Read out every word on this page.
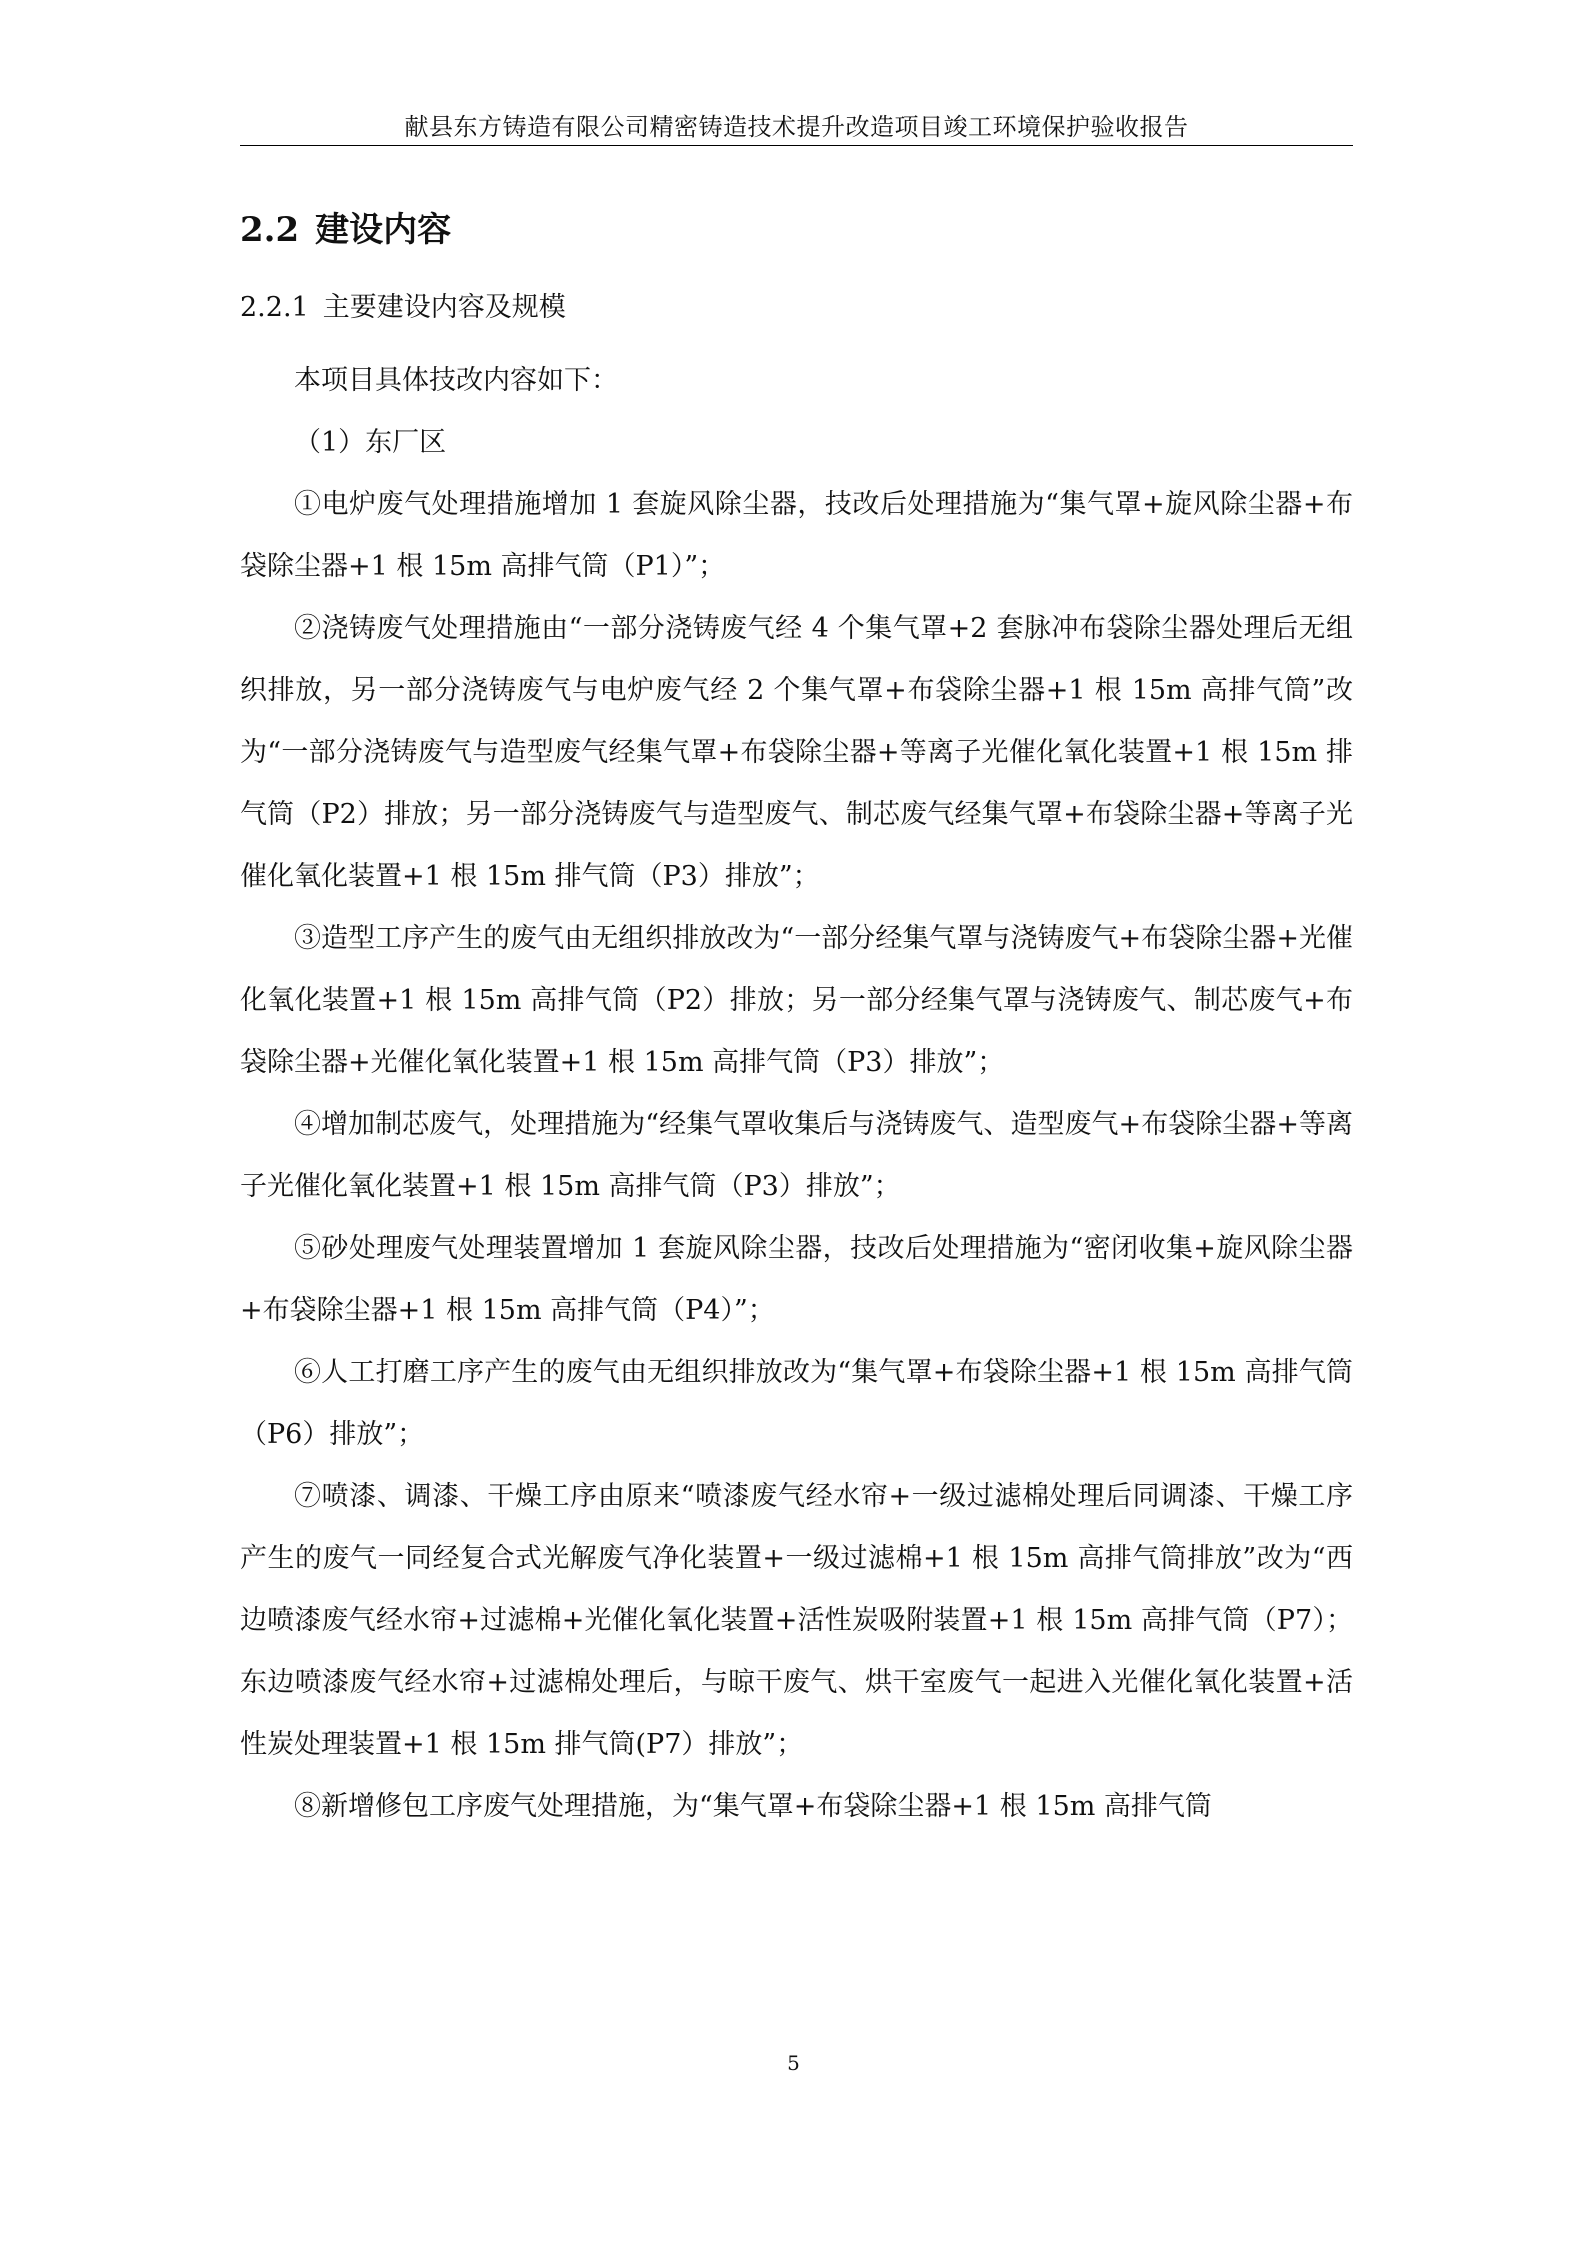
献县东方铸造有限公司精密铸造技术提升改造项目竣工环境保护验收报告
2.2 建设内容
2.2.1 主要建设内容及规模

本项目具体技改内容如下：

（1）东厂区

①电炉废气处理措施增加 1 套旋风除尘器，技改后处理措施为“集气罩+旋风除尘器+布袋除尘器+1 根 15m 高排气筒（P1）”；

②浇铸废气处理措施由“一部分浇铸废气经 4 个集气罩+2 套脉冲布袋除尘器处理后无组织排放，另一部分浇铸废气与电炉废气经 2 个集气罩+布袋除尘器+1 根 15m 高排气筒”改为“一部分浇铸废气与造型废气经集气罩+布袋除尘器+等离子光催化氧化装置+1 根 15m 排气筒（P2）排放；另一部分浇铸废气与造型废气、制芯废气经集气罩+布袋除尘器+等离子光催化氧化装置+1 根 15m 排气筒（P3）排放”；

③造型工序产生的废气由无组织排放改为“一部分经集气罩与浇铸废气+布袋除尘器+光催化氧化装置+1 根 15m 高排气筒（P2）排放；另一部分经集气罩与浇铸废气、制芯废气+布袋除尘器+光催化氧化装置+1 根 15m 高排气筒（P3）排放”；

④增加制芯废气，处理措施为“经集气罩收集后与浇铸废气、造型废气+布袋除尘器+等离子光催化氧化装置+1 根 15m 高排气筒（P3）排放”；

⑤砂处理废气处理装置增加 1 套旋风除尘器，技改后处理措施为“密闭收集+旋风除尘器+布袋除尘器+1 根 15m 高排气筒（P4）”；

⑥人工打磨工序产生的废气由无组织排放改为“集气罩+布袋除尘器+1 根 15m 高排气筒（P6）排放”；

⑦喷漆、调漆、干燥工序由原来“喷漆废气经水帘+一级过滤棉处理后同调漆、干燥工序产生的废气一同经复合式光解废气净化装置+一级过滤棉+1 根 15m 高排气筒排放”改为“西边喷漆废气经水帘+过滤棉+光催化氧化装置+活性炭吸附装置+1 根 15m 高排气筒（P7）；东边喷漆废气经水帘+过滤棉处理后，与晾干废气、烘干室废气一起进入光催化氧化装置+活性炭处理装置+1 根 15m 排气筒(P7）排放”；

⑧新增修包工序废气处理措施，为“集气罩+布袋除尘器+1 根 15m 高排气筒

5
